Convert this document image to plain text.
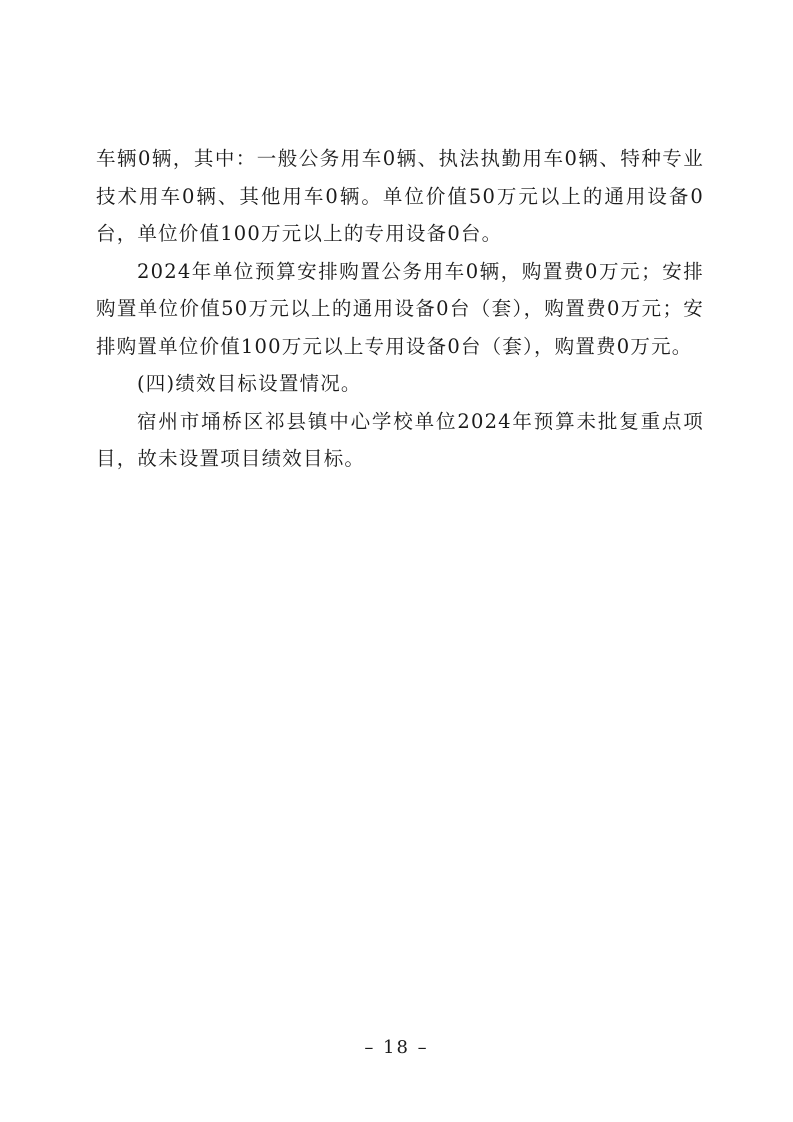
车辆0辆，其中：一般公务用车0辆、执法执勤用车0辆、特种专业技术用车0辆、其他用车0辆。单位价值50万元以上的通用设备0台，单位价值100万元以上的专用设备0台。

2024年单位预算安排购置公务用车0辆，购置费0万元；安排购置单位价值50万元以上的通用设备0台（套），购置费0万元；安排购置单位价值100万元以上专用设备0台（套），购置费0万元。

(四)绩效目标设置情况。

宿州市埇桥区祁县镇中心学校单位2024年预算未批复重点项目，故未设置项目绩效目标。

– 18 –
